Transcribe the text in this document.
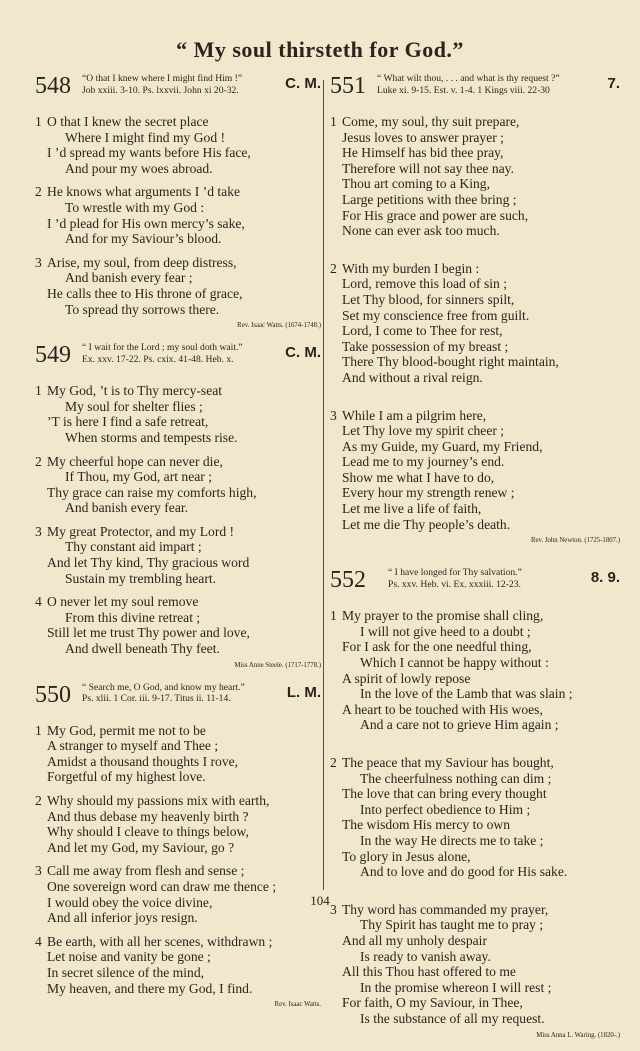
“ My soul thirsteth for God.”
548 “O that I knew where I might find Him !”
Job xxiii. 3-10. Ps. lxxvii. John xi 20-32.	C. M.
1 O that I knew the secret place
Where I might find my God !
I ’d spread my wants before His face,
And pour my woes abroad.
2 He knows what arguments I ’d take
To wrestle with my God :
I ’d plead for His own mercy’s sake,
And for my Saviour’s blood.
3 Arise, my soul, from deep distress,
And banish every fear ;
He calls thee to His throne of grace,
To spread thy sorrows there.
Rev. Isaac Watts. (1674-1748.)
549 “ I wait for the Lord ; my soul doth wait.”
Ex. xxv. 17-22. Ps. cxix. 41-48. Heb. x.	C. M.
1 My God, ’t is to Thy mercy-seat
My soul for shelter flies ;
’T is here I find a safe retreat,
When storms and tempests rise.
2 My cheerful hope can never die,
If Thou, my God, art near ;
Thy grace can raise my comforts high,
And banish every fear.
3 My great Protector, and my Lord !
Thy constant aid impart ;
And let Thy kind, Thy gracious word
Sustain my trembling heart.
4 O never let my soul remove
From this divine retreat ;
Still let me trust Thy power and love,
And dwell beneath Thy feet.
Miss Anne Steele. (1717-1778.)
550 “ Search me, O God, and know my heart.”
Ps. xlii. 1 Cor. iii. 9-17. Titus ii. 11-14.	L. M.
1 My God, permit me not to be
A stranger to myself and Thee ;
Amidst a thousand thoughts I rove,
Forgetful of my highest love.
2 Why should my passions mix with earth,
And thus debase my heavenly birth ?
Why should I cleave to things below,
And let my God, my Saviour, go ?
3 Call me away from flesh and sense ;
One sovereign word can draw me thence ;
I would obey the voice divine,
And all inferior joys resign.
4 Be earth, with all her scenes, withdrawn ;
Let noise and vanity be gone ;
In secret silence of the mind,
My heaven, and there my God, I find.
Rev. Isaac Watts.
551 “ What wilt thou, . . . and what is thy request ?”
Luke xi. 9-15. Est. v. 1-4. 1 Kings viii. 22-30	7.
1 Come, my soul, thy suit prepare,
Jesus loves to answer prayer ;
He Himself has bid thee pray,
Therefore will not say thee nay.
Thou art coming to a King,
Large petitions with thee bring ;
For His grace and power are such,
None can ever ask too much.
2 With my burden I begin :
Lord, remove this load of sin ;
Let Thy blood, for sinners spilt,
Set my conscience free from guilt.
Lord, I come to Thee for rest,
Take possession of my breast ;
There Thy blood-bought right maintain,
And without a rival reign.
3 While I am a pilgrim here,
Let Thy love my spirit cheer ;
As my Guide, my Guard, my Friend,
Lead me to my journey’s end.
Show me what I have to do,
Every hour my strength renew ;
Let me live a life of faith,
Let me die Thy people’s death.
Rev. John Newton. (1725-1807.)
552 “ I have longed for Thy salvation.”
Ps. xxv. Heb. vi. Ex. xxxiii. 12-23.	8. 9.
1 My prayer to the promise shall cling,
I will not give heed to a doubt ;
For I ask for the one needful thing,
Which I cannot be happy without :
A spirit of lowly repose
In the love of the Lamb that was slain ;
A heart to be touched with His woes,
And a care not to grieve Him again ;
2 The peace that my Saviour has bought,
The cheerfulness nothing can dim ;
The love that can bring every thought
Into perfect obedience to Him ;
The wisdom His mercy to own
In the way He directs me to take ;
To glory in Jesus alone,
And to love and do good for His sake.
3 Thy word has commanded my prayer,
Thy Spirit has taught me to pray ;
And all my unholy despair
Is ready to vanish away.
All this Thou hast offered to me
In the promise whereon I will rest ;
For faith, O my Saviour, in Thee,
Is the substance of all my request.
Miss Anna L. Waring. (1820-.)
104
